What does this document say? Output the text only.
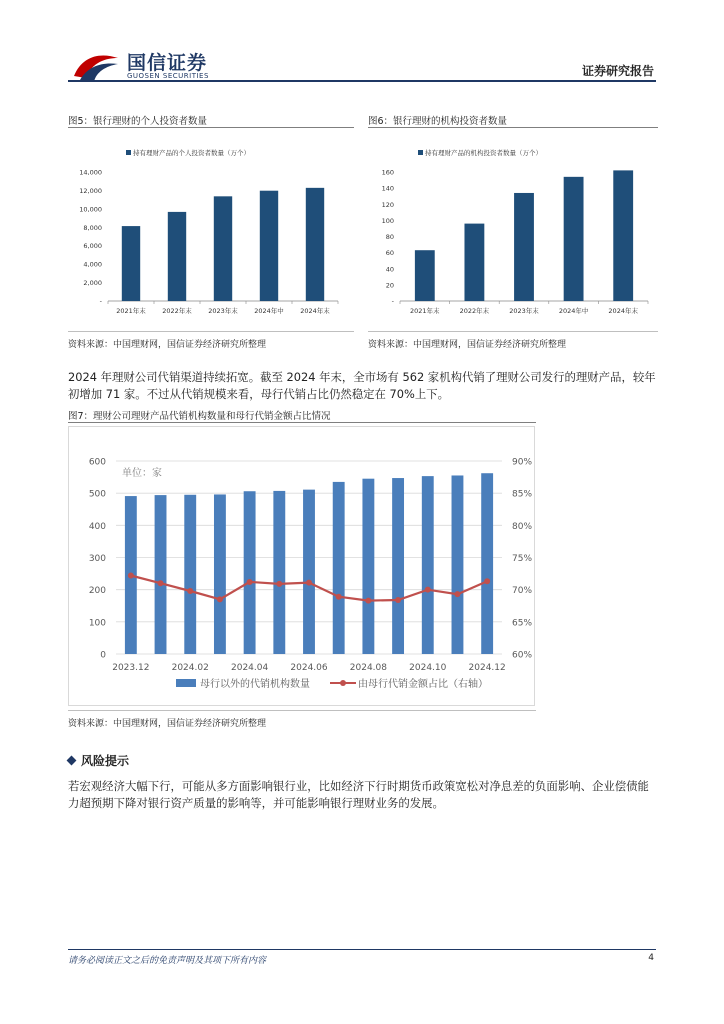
国信证券
GUOSEN SECURITIES	证券研究报告
图5：银行理财的个人投资者数量
持有理财产品的个人投资者数量（万个）
-
2,000
4,000
6,000
8,000
10,000
12,000
14,000
2021年末	2022年末	2023年末	2024年中	2024年末
资料来源：中国理财网，国信证券经济研究所整理
图6：银行理财的机构投资者数量
持有理财产品的机构投资者数量（万个）
-
20
40
60
80
100
120
140
160
2021年末	2022年末	2023年末	2024年中	2024年末
资料来源：中国理财网，国信证券经济研究所整理
2024 年理财公司代销渠道持续拓宽。截至 2024 年末，全市场有 562 家机构代销了理财公司发行的理财产品，较年初增加 71 家。不过从代销规模来看，母行代销占比仍然稳定在 70%上下。
图7：理财公司理财产品代销机构数量和母行代销金额占比情况
0
100
200
300
400
500
600
60%
65%
70%
75%
80%
85%
90%
单位：家
2023.12 2024.02 2024.04 2024.06 2024.08 2024.10 2024.12
母行以外的代销机构数量	由母行代销金额占比（右轴）
资料来源：中国理财网，国信证券经济研究所整理
风险提示
若宏观经济大幅下行，可能从多方面影响银行业，比如经济下行时期货币政策宽松对净息差的负面影响、企业偿债能力超预期下降对银行资产质量的影响等，并可能影响银行理财业务的发展。
请务必阅读正文之后的免责声明及其项下所有内容	4
